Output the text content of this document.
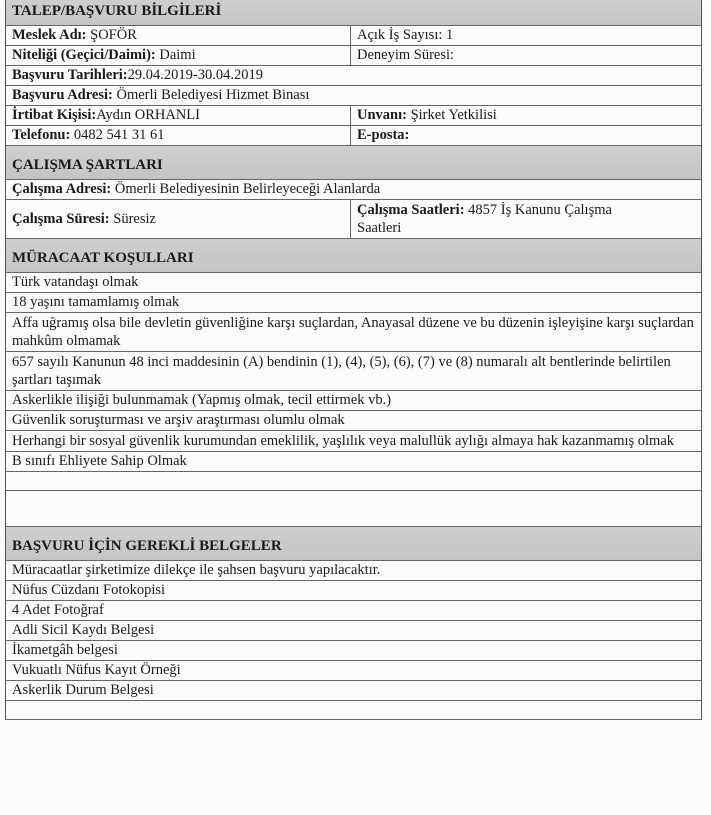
TALEP/BAŞVURU BİLGİLERİ
Meslek Adı: ŞOFÖR	Açık İş Sayısı: 1
Niteliği (Geçici/Daimi): Daimi	Deneyim Süresi:
Başvuru Tarihleri:29.04.2019-30.04.2019
Başvuru Adresi: Ömerli Belediyesi Hizmet Binası
İrtibat Kişisi:Aydın ORHANLI	Unvanı: Şirket Yetkilisi
Telefonu: 0482 541 31 61	E-posta:
ÇALIŞMA ŞARTLARI
Çalışma Adresi: Ömerli Belediyesinin Belirleyeceği Alanlarda
Çalışma Süresi: Süresiz
Çalışma Saatleri: 4857 İş Kanunu Çalışma Saatleri
MÜRACAAT KOŞULLARI
Türk vatandaşı olmak
18 yaşını tamamlamış olmak
Affa uğramış olsa bile devletin güvenliğine karşı suçlardan, Anayasal düzene ve bu düzenin işleyişine karşı suçlardan mahkûm olmamak
657 sayılı Kanunun 48 inci maddesinin (A) bendinin (1), (4), (5), (6), (7) ve (8) numaralı alt bentlerinde belirtilen şartları taşımak
Askerlikle ilişiği bulunmamak (Yapmış olmak, tecil ettirmek vb.)
Güvenlik soruşturması ve arşiv araştırması olumlu olmak
Herhangi bir sosyal güvenlik kurumundan emeklilik, yaşlılık veya malullük aylığı almaya hak kazanmamış olmak
B sınıfı Ehliyete Sahip Olmak
BAŞVURU İÇİN GEREKLİ BELGELER
Müracaatlar şirketimize dilekçe ile şahsen başvuru yapılacaktır.
Nüfus Cüzdanı Fotokopisi
4 Adet Fotoğraf
Adli Sicil Kaydı Belgesi
İkametgâh belgesi
Vukuatlı Nüfus Kayıt Örneği
Askerlik Durum Belgesi
